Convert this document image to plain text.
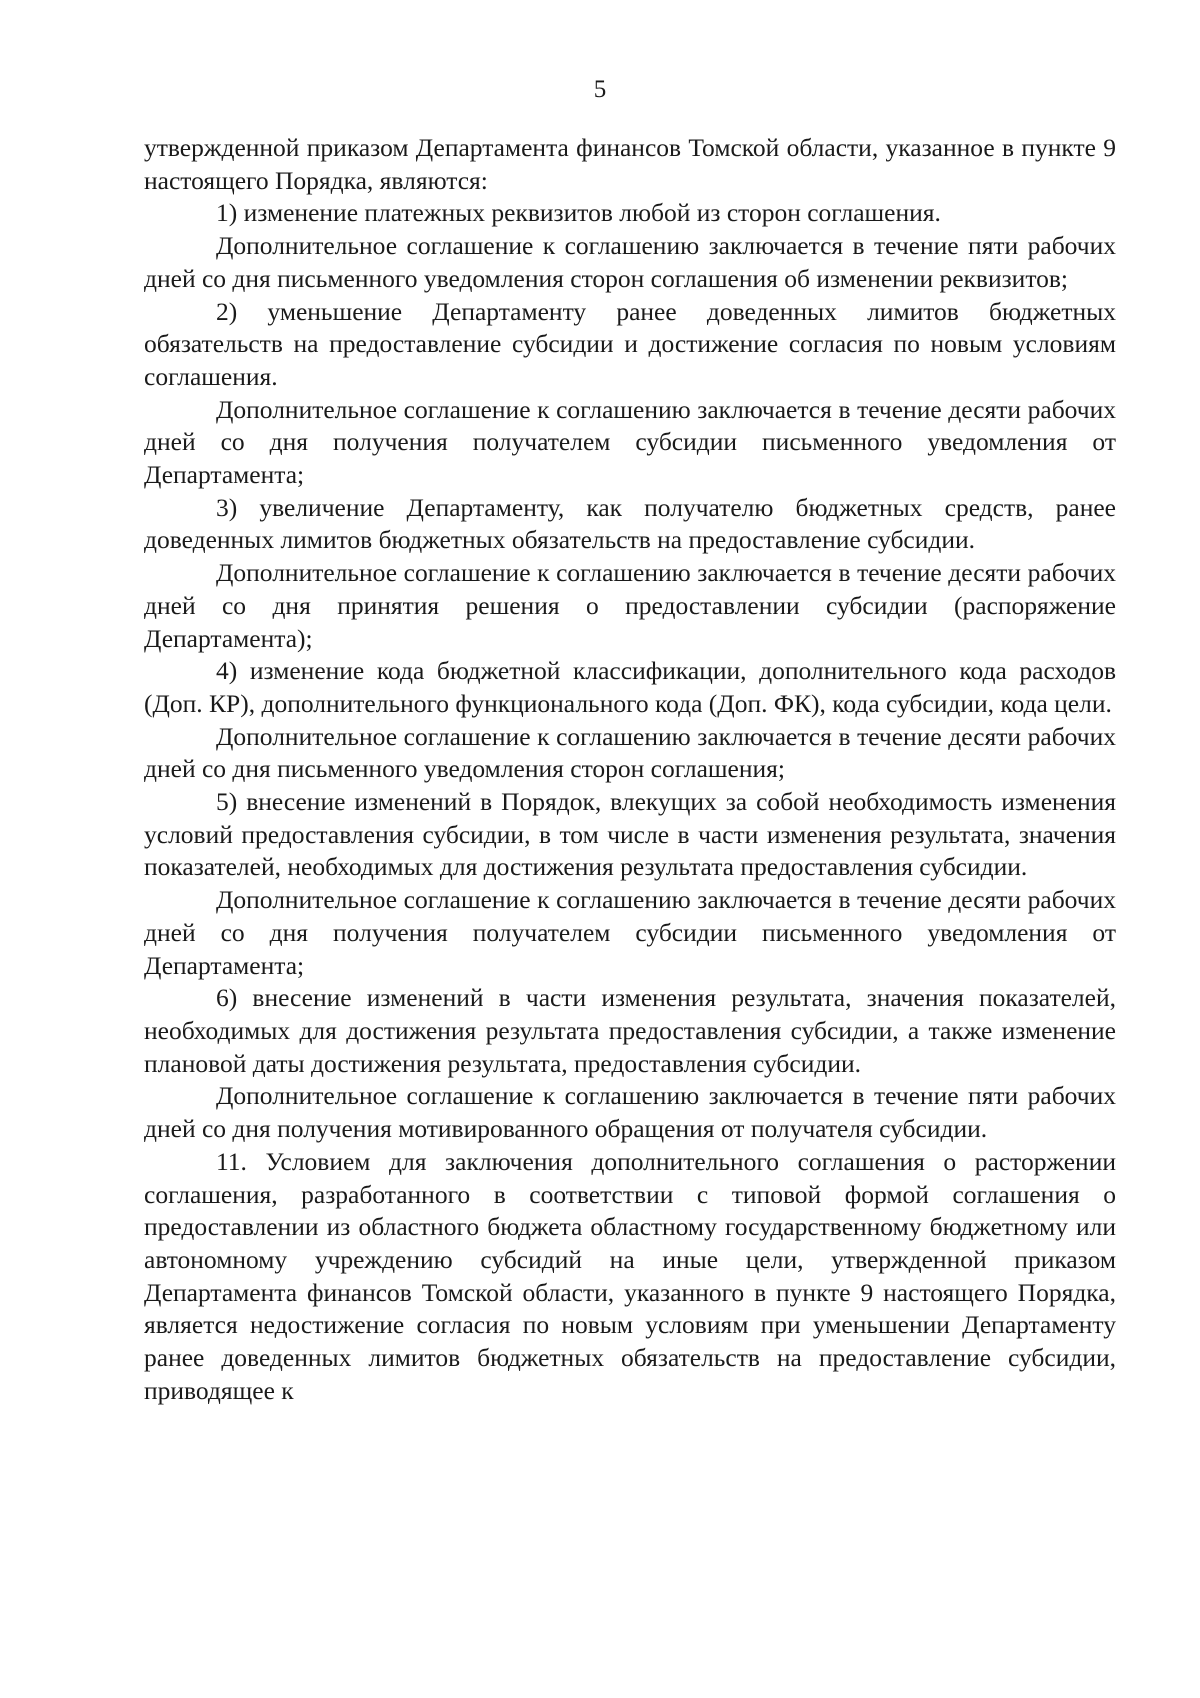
5

утвержденной приказом Департамента финансов Томской области, указанное в пункте 9 настоящего Порядка, являются:

1) изменение платежных реквизитов любой из сторон соглашения.

Дополнительное соглашение к соглашению заключается в течение пяти рабочих дней со дня письменного уведомления сторон соглашения об изменении реквизитов;

2) уменьшение Департаменту ранее доведенных лимитов бюджетных обязательств на предоставление субсидии и достижение согласия по новым условиям соглашения.

Дополнительное соглашение к соглашению заключается в течение десяти рабочих дней со дня получения получателем субсидии письменного уведомления от Департамента;

3) увеличение Департаменту, как получателю бюджетных средств, ранее доведенных лимитов бюджетных обязательств на предоставление субсидии.

Дополнительное соглашение к соглашению заключается в течение десяти рабочих дней со дня принятия решения о предоставлении субсидии (распоряжение Департамента);

4) изменение кода бюджетной классификации, дополнительного кода расходов (Доп. КР), дополнительного функционального кода (Доп. ФК), кода субсидии, кода цели.

Дополнительное соглашение к соглашению заключается в течение десяти рабочих дней со дня письменного уведомления сторон соглашения;

5) внесение изменений в Порядок, влекущих за собой необходимость изменения условий предоставления субсидии, в том числе в части изменения результата, значения показателей, необходимых для достижения результата предоставления субсидии.

Дополнительное соглашение к соглашению заключается в течение десяти рабочих дней со дня получения получателем субсидии письменного уведомления от Департамента;

6) внесение изменений в части изменения результата, значения показателей, необходимых для достижения результата предоставления субсидии, а также изменение плановой даты достижения результата, предоставления субсидии.

Дополнительное соглашение к соглашению заключается в течение пяти рабочих дней со дня получения мотивированного обращения от получателя субсидии.

11. Условием для заключения дополнительного соглашения о расторжении соглашения, разработанного в соответствии с типовой формой соглашения о предоставлении из областного бюджета областному государственному бюджетному или автономному учреждению субсидий на иные цели, утвержденной приказом Департамента финансов Томской области, указанного в пункте 9 настоящего Порядка, является недостижение согласия по новым условиям при уменьшении Департаменту ранее доведенных лимитов бюджетных обязательств на предоставление субсидии, приводящее к
